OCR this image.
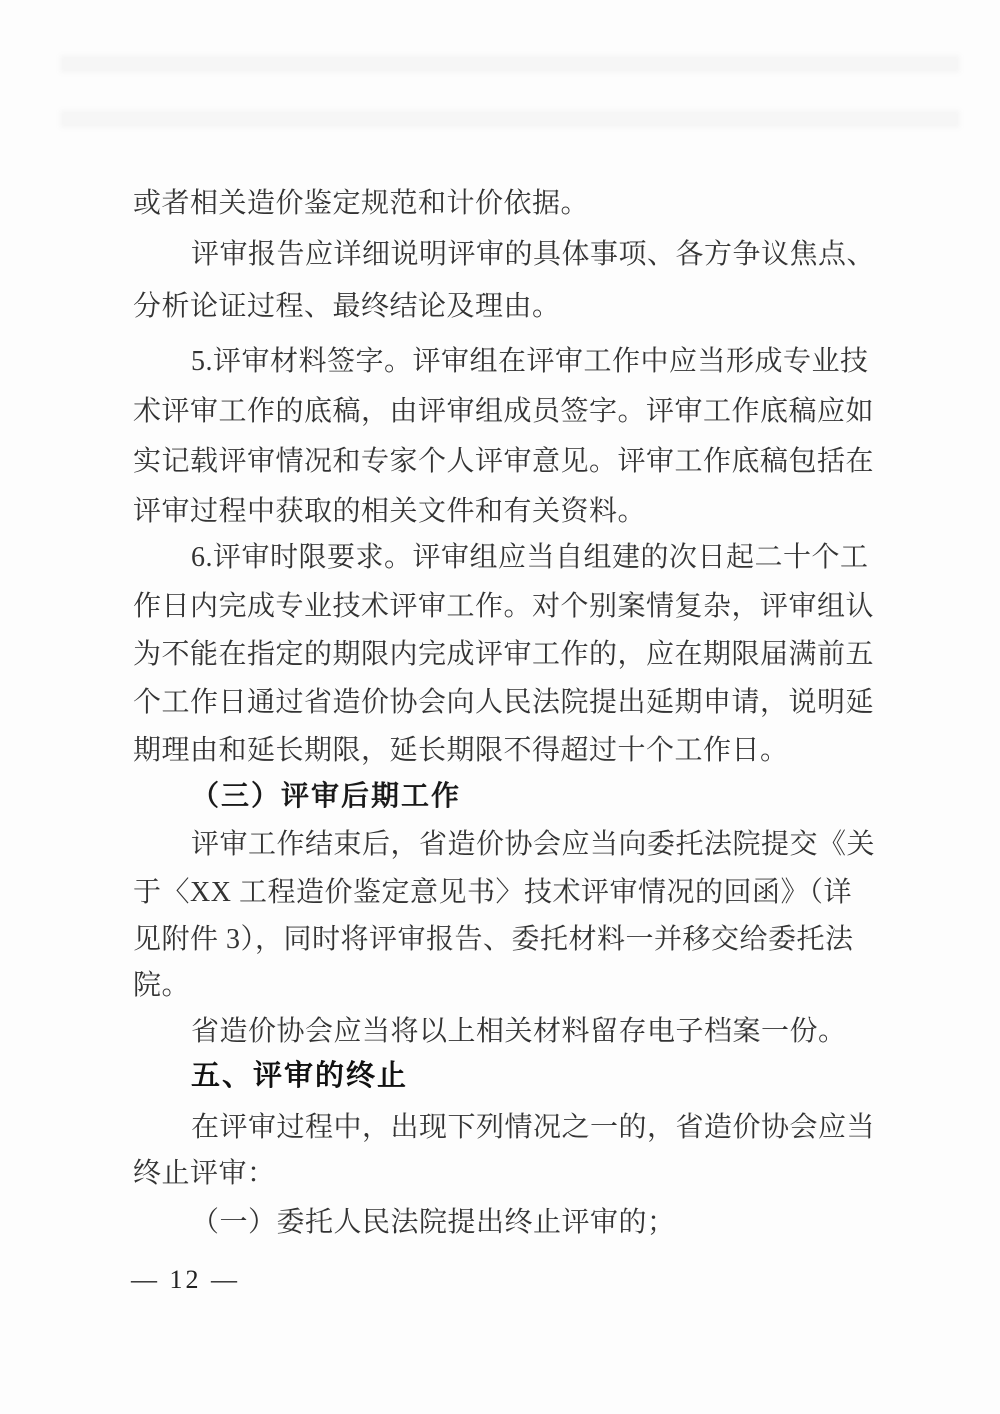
或者相关造价鉴定规范和计价依据。
评审报告应详细说明评审的具体事项、各方争议焦点、
分析论证过程、最终结论及理由。
5.评审材料签字。评审组在评审工作中应当形成专业技
术评审工作的底稿，由评审组成员签字。评审工作底稿应如
实记载评审情况和专家个人评审意见。评审工作底稿包括在
评审过程中获取的相关文件和有关资料。
6.评审时限要求。评审组应当自组建的次日起二十个工
作日内完成专业技术评审工作。对个别案情复杂，评审组认
为不能在指定的期限内完成评审工作的，应在期限届满前五
个工作日通过省造价协会向人民法院提出延期申请，说明延
期理由和延长期限，延长期限不得超过十个工作日。
（三）评审后期工作
评审工作结束后，省造价协会应当向委托法院提交《关
于〈XX 工程造价鉴定意见书〉技术评审情况的回函》（详
见附件 3），同时将评审报告、委托材料一并移交给委托法
院。
省造价协会应当将以上相关材料留存电子档案一份。
五、评审的终止
在评审过程中，出现下列情况之一的，省造价协会应当
终止评审：
（一）委托人民法院提出终止评审的；
— 12 —
